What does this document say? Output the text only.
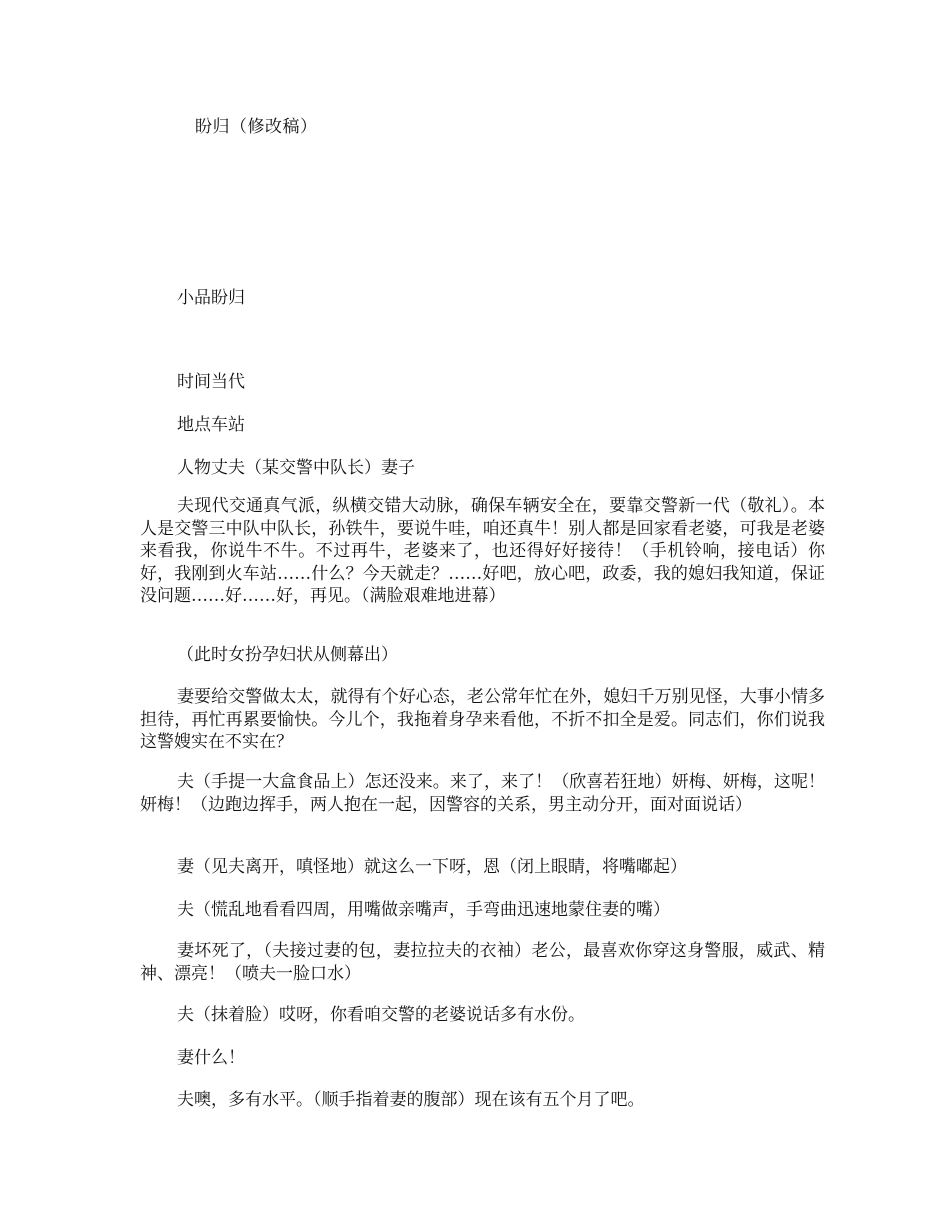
盼归（修改稿）
小品盼归
时间当代
地点车站
人物丈夫（某交警中队长）妻子
夫现代交通真气派，纵横交错大动脉，确保车辆安全在，要靠交警新一代（敬礼）。本人是交警三中队中队长，孙铁牛，要说牛哇，咱还真牛！别人都是回家看老婆，可我是老婆来看我，你说牛不牛。不过再牛，老婆来了，也还得好好接待！（手机铃响，接电话）你好，我刚到火车站……什么？今天就走？……好吧，放心吧，政委，我的媳妇我知道，保证没问题……好……好，再见。（满脸艰难地进幕）
（此时女扮孕妇状从侧幕出）
妻要给交警做太太，就得有个好心态，老公常年忙在外，媳妇千万别见怪，大事小情多担待，再忙再累要愉快。今儿个，我拖着身孕来看他，不折不扣全是爱。同志们，你们说我这警嫂实在不实在？
夫（手提一大盒食品上）怎还没来。来了，来了！（欣喜若狂地）妍梅、妍梅，这呢！妍梅！（边跑边挥手，两人抱在一起，因警容的关系，男主动分开，面对面说话）
妻（见夫离开，嗔怪地）就这么一下呀，恩（闭上眼睛，将嘴嘟起）
夫（慌乱地看看四周，用嘴做亲嘴声，手弯曲迅速地蒙住妻的嘴）
妻坏死了，（夫接过妻的包，妻拉拉夫的衣袖）老公，最喜欢你穿这身警服，威武、精神、漂亮！（喷夫一脸口水）
夫（抹着脸）哎呀，你看咱交警的老婆说话多有水份。
妻什么！
夫噢，多有水平。（顺手指着妻的腹部）现在该有五个月了吧。
